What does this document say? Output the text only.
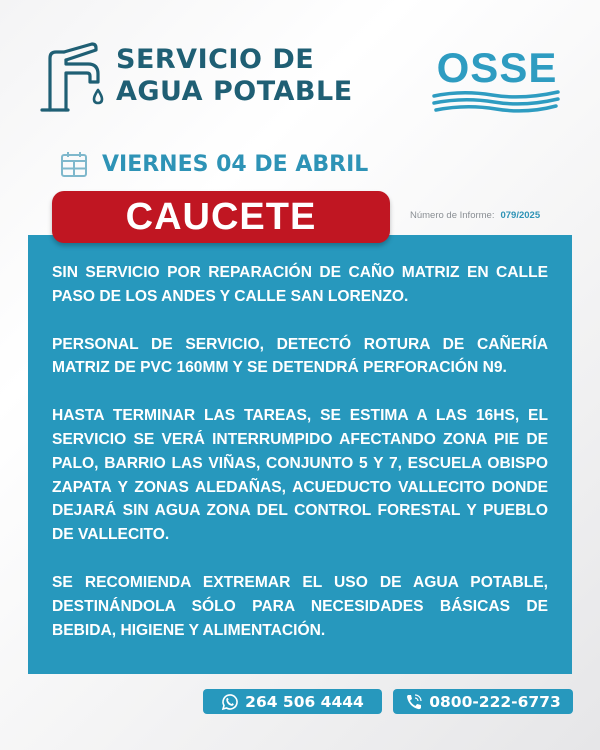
SERVICIO DE
AGUA POTABLE
OSSE
VIERNES 04 DE ABRIL
CAUCETE	Número de Informe: 079/2025

SIN SERVICIO POR REPARACIÓN DE CAÑO MATRIZ EN CALLE PASO DE LOS ANDES Y CALLE SAN LORENZO.

PERSONAL DE SERVICIO, DETECTÓ ROTURA DE CAÑERÍA MATRIZ DE PVC 160MM Y SE DETENDRÁ PERFORACIÓN N9.

HASTA TERMINAR LAS TAREAS, SE ESTIMA A LAS 16HS, EL SERVICIO SE VERÁ INTERRUMPIDO AFECTANDO ZONA PIE DE PALO, BARRIO LAS VIÑAS, CONJUNTO 5 Y 7, ESCUELA OBISPO ZAPATA Y ZONAS ALEDAÑAS, ACUEDUCTO VALLECITO DONDE DEJARÁ SIN AGUA ZONA DEL CONTROL FORESTAL Y PUEBLO DE VALLECITO.

SE RECOMIENDA EXTREMAR EL USO DE AGUA POTABLE, DESTINÁNDOLA SÓLO PARA NECESIDADES BÁSICAS DE BEBIDA, HIGIENE Y ALIMENTACIÓN.

264 506 4444	0800-222-6773
